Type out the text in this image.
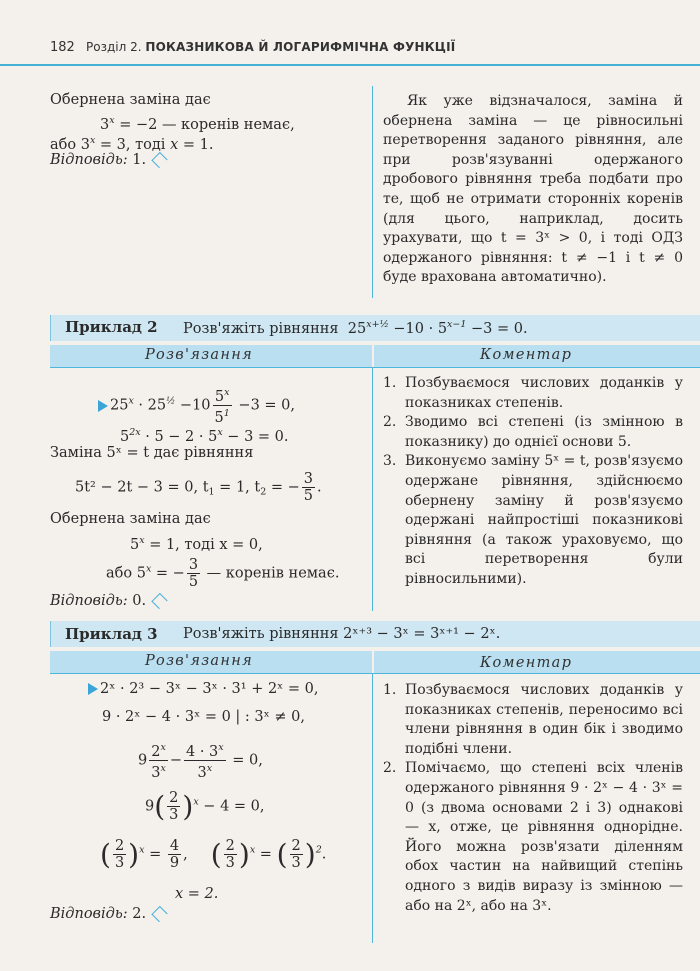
182 Розділ 2. ПОКАЗНИКОВА Й ЛОГАРИФМІЧНА ФУНКЦІЇ
Обернена заміна дає
$3^x = -2$ — коренів немає,
або $3^x = 3$, тоді x = 1.
Відповідь: 1.

Як уже відзначалося, заміна й обернена заміна — це рівносильні перетворення заданого рівняння, але при розв'язуванні одержаного дробового рівняння треба подбати про те, щоб не отримати сторонніх коренів (для цього, наприклад, досить урахувати, що t = 3ˣ > 0, і тоді ОДЗ одержаного рівняння: t ≠ −1 і t ≠ 0 буде врахована автоматично).

Приклад 2 Розв'яжіть рівняння  $25^{x+\frac{1}{2}} -10 \cdot 5^{x-1} -3 = 0$.
Розв'язання	Коментар
$25^x \cdot 25^{\frac{1}{2}} -10 \frac{5^x}{5^1} -3 = 0$,
$5^{2x} \cdot 5 - 2 \cdot 5^x - 3 = 0$.
Заміна 5ˣ = t дає рівняння
5t² − 2t − 3 = 0, $t_1 = 1$, $t_2$ = − $\frac{3}{5}$ .
Обернена заміна дає
$5^x = 1$, тоді x = 0,
або $5^x$ = − $\frac{3}{5}$ — коренів немає.
Відповідь: 0.
1. Позбуваємося числових доданків у показниках степенів.
2. Зводимо всі степені (із змінною в показнику) до однієї основи 5.
3. Виконуємо заміну 5ˣ = t, розв'язуємо одержане рівняння, здійснюємо обернену заміну й розв'язуємо одержані найпростіші показникові рівняння (а також ураховуємо, що всі перетворення були рівносильними).
Приклад 3 Розв'яжіть рівняння 2ˣ⁺³ − 3ˣ = 3ˣ⁺¹ − 2ˣ.
Розв'язання	Коментар
2ˣ · 2³ − 3ˣ − 3ˣ · 3¹ + 2ˣ = 0,
9 · 2ˣ − 4 · 3ˣ = 0 | : 3ˣ ≠ 0,
$9 \frac{2^x}{3^x} - \frac{4 \cdot 3^x}{3^x} = 0$,
$9( \frac{2}{3} )^x - 4 = 0$,
( $\frac{2}{3} )^x = \frac{4}{9}$ ,     ( $\frac{2}{3} )^x$ = ( $\frac{2}{3} )^2$.
x = 2.
Відповідь: 2.
1. Позбуваємося числових доданків у показниках степенів, переносимо всі члени рівняння в один бік і зводимо подібні члени.
2. Помічаємо, що степені всіх членів одержаного рівняння 9 · 2ˣ − 4 · 3ˣ = 0 (з двома основами 2 і 3) однакові — x, отже, це рівняння однорідне. Його можна розв'язати діленням обох частин на найвищий степінь одного з видів виразу із змінною — або на 2ˣ, або на 3ˣ.
